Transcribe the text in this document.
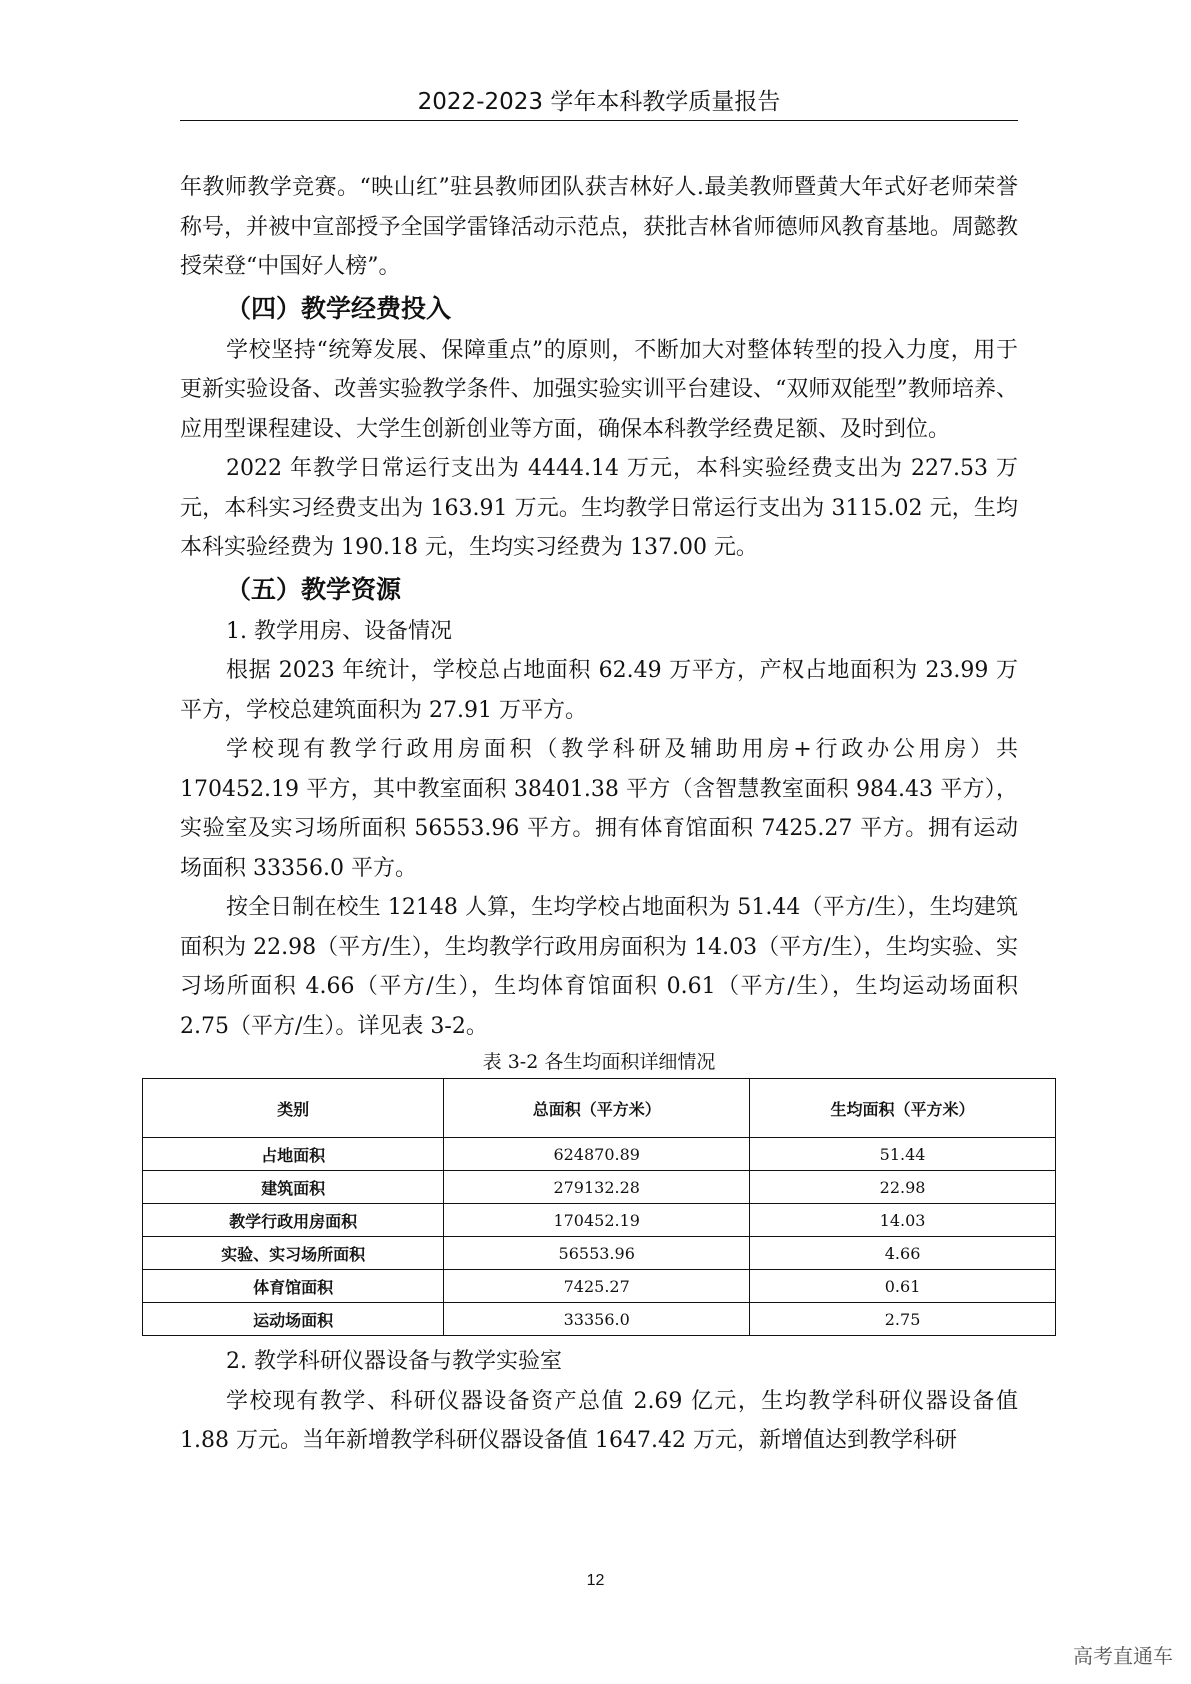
2022-2023 学年本科教学质量报告

年教师教学竞赛。“映山红”驻县教师团队获吉林好人.最美教师暨黄大年式好老师荣誉称号，并被中宣部授予全国学雷锋活动示范点，获批吉林省师德师风教育基地。周懿教授荣登“中国好人榜”。

（四）教学经费投入

学校坚持“统筹发展、保障重点”的原则，不断加大对整体转型的投入力度，用于更新实验设备、改善实验教学条件、加强实验实训平台建设、“双师双能型”教师培养、应用型课程建设、大学生创新创业等方面，确保本科教学经费足额、及时到位。

2022 年教学日常运行支出为 4444.14 万元，本科实验经费支出为 227.53 万元，本科实习经费支出为 163.91 万元。生均教学日常运行支出为 3115.02 元，生均本科实验经费为 190.18 元，生均实习经费为 137.00 元。

（五）教学资源

1. 教学用房、设备情况

根据 2023 年统计，学校总占地面积 62.49 万平方，产权占地面积为 23.99 万平方，学校总建筑面积为 27.91 万平方。

学校现有教学行政用房面积（教学科研及辅助用房+行政办公用房）共 170452.19 平方，其中教室面积 38401.38 平方（含智慧教室面积 984.43 平方），实验室及实习场所面积 56553.96 平方。拥有体育馆面积 7425.27 平方。拥有运动场面积 33356.0 平方。

按全日制在校生 12148 人算，生均学校占地面积为 51.44（平方/生），生均建筑面积为 22.98（平方/生），生均教学行政用房面积为 14.03（平方/生），生均实验、实习场所面积 4.66（平方/生），生均体育馆面积 0.61（平方/生），生均运动场面积 2.75（平方/生）。详见表 3-2。

表 3-2 各生均面积详细情况
类别	总面积（平方米）	生均面积（平方米）
占地面积	624870.89	51.44
建筑面积	279132.28	22.98
教学行政用房面积	170452.19	14.03
实验、实习场所面积	56553.96	4.66
体育馆面积	7425.27	0.61
运动场面积	33356.0	2.75

2. 教学科研仪器设备与教学实验室

学校现有教学、科研仪器设备资产总值 2.69 亿元，生均教学科研仪器设备值 1.88 万元。当年新增教学科研仪器设备值 1647.42 万元，新增值达到教学科研

12
高考直通车
